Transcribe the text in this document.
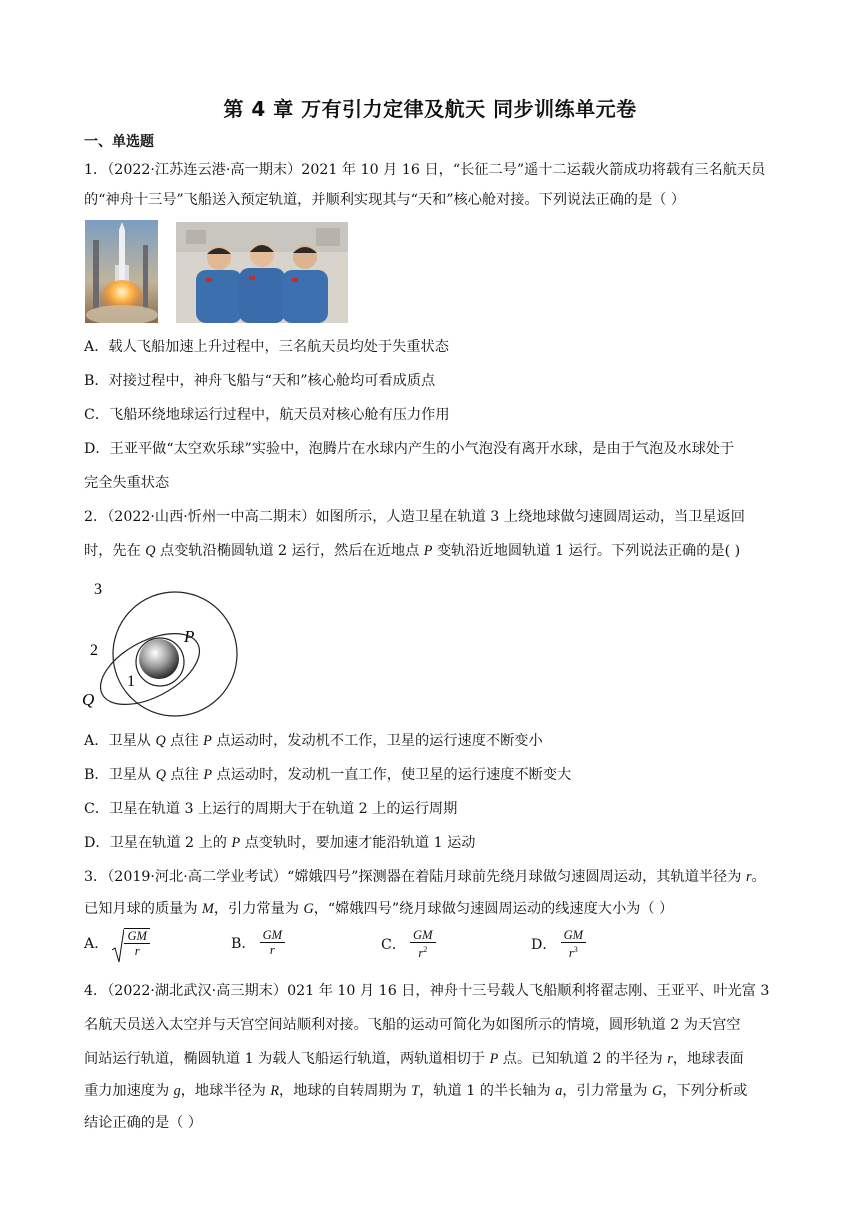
第 4 章 万有引力定律及航天 同步训练单元卷
一、单选题
1．（2022·江苏连云港·高一期末）2021 年 10 月 16 日，“长征二号”遥十二运载火箭成功将载有三名航天员
的“神舟十三号”飞船送入预定轨道，并顺利实现其与“天和”核心舱对接。下列说法正确的是（ ）
A．载人飞船加速上升过程中，三名航天员均处于失重状态
B．对接过程中，神舟飞船与“天和”核心舱均可看成质点
C．飞船环绕地球运行过程中，航天员对核心舱有压力作用
D．王亚平做“太空欢乐球”实验中，泡腾片在水球内产生的小气泡没有离开水球，是由于气泡及水球处于
完全失重状态
2．（2022·山西·忻州一中高二期末）如图所示，人造卫星在轨道 3 上绕地球做匀速圆周运动，当卫星返回
时，先在 Q 点变轨沿椭圆轨道 2 运行，然后在近地点 P 变轨沿近地圆轨道 1 运行。下列说法正确的是( )
3
2
1
P
Q
A．卫星从 Q 点往 P 点运动时，发动机不工作，卫星的运行速度不断变小
B．卫星从 Q 点往 P 点运动时，发动机一直工作，使卫星的运行速度不断变大
C．卫星在轨道 3 上运行的周期大于在轨道 2 上的运行周期
D．卫星在轨道 2 上的 P 点变轨时，要加速才能沿轨道 1 运动
3．（2019·河北·高二学业考试）“嫦娥四号”探测器在着陆月球前先绕月球做匀速圆周运动，其轨道半径为 r。
已知月球的质量为 M，引力常量为 G，“嫦娥四号”绕月球做匀速圆周运动的线速度大小为（ ）
A． $\frac{GM}{r}$	B． $\frac{GM}{r}$	C． $\frac{GM}{r^2}$	D． $\frac{GM}{r^3}$
4．（2022·湖北武汉·高三期末）021 年 10 月 16 日，神舟十三号载人飞船顺利将翟志刚、王亚平、叶光富 3
名航天员送入太空并与天宫空间站顺利对接。飞船的运动可简化为如图所示的情境，圆形轨道 2 为天宫空
间站运行轨道，椭圆轨道 1 为载人飞船运行轨道，两轨道相切于 P 点。已知轨道 2 的半径为 r，地球表面
重力加速度为 g，地球半径为 R，地球的自转周期为 T，轨道 1 的半长轴为 a，引力常量为 G，下列分析或
结论正确的是（ ）
